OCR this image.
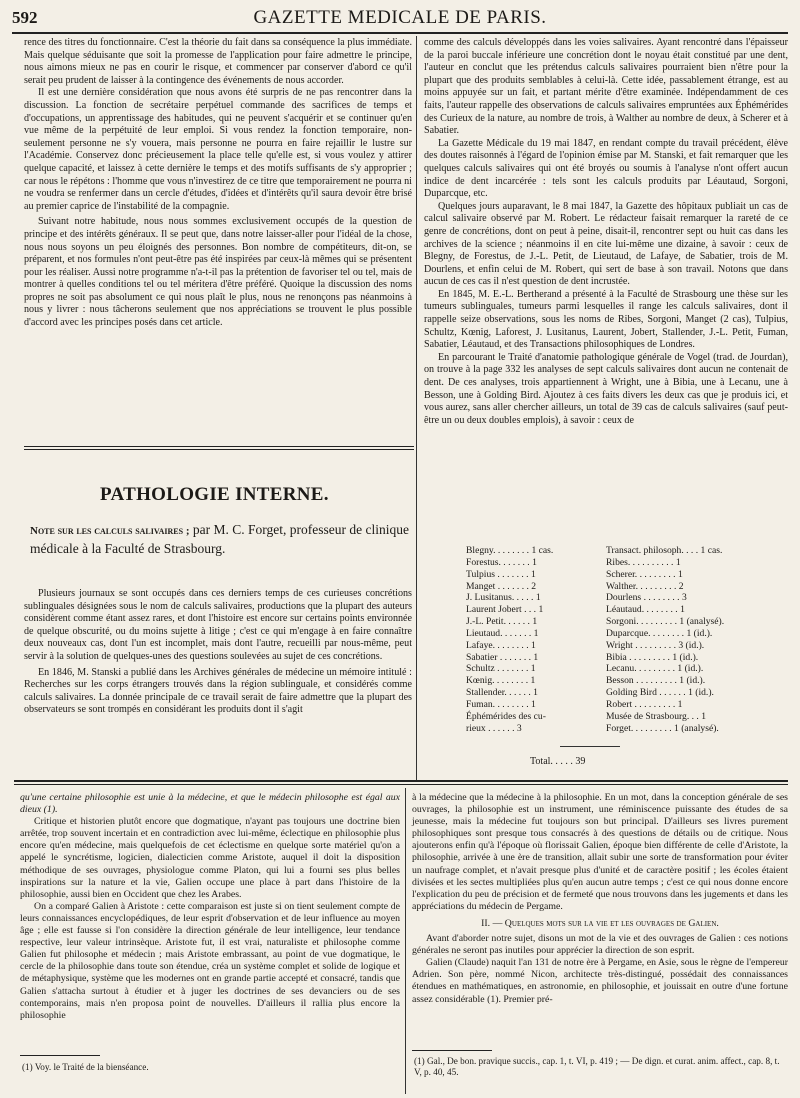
592	GAZETTE MEDICALE DE PARIS.

rence des titres du fonctionnaire. C'est la théorie du fait dans sa conséquence la plus immédiate. Mais quelque séduisante que soit la promesse de l'application pour faire admettre le principe, nous aimons mieux ne pas en courir le risque, et commencer par conserver d'abord ce qu'il serait peu prudent de laisser à la contingence des événements de nous accorder.

Il est une dernière considération que nous avons été surpris de ne pas rencontrer dans la discussion. La fonction de secrétaire perpétuel commande des sacrifices de temps et d'occupations, un apprentissage des habitudes, qui ne peuvent s'acquérir et se continuer qu'en vue même de la perpétuité de leur emploi. Si vous rendez la fonction temporaire, non-seulement personne ne s'y vouera, mais personne ne pourra en faire rejaillir le lustre sur l'Académie. Conservez donc précieusement la place telle qu'elle est, si vous voulez y attirer quelque capacité, et laissez à cette dernière le temps et des motifs suffisants de s'y approprier ; car nous le répétons : l'homme que vous n'investirez de ce titre que temporairement ne pourra ni ne voudra se renfermer dans un cercle d'études, d'idées et d'intérêts qu'il saura devoir être brisé au premier caprice de l'instabilité de la compagnie.

Suivant notre habitude, nous nous sommes exclusivement occupés de la question de principe et des intérêts généraux. Il se peut que, dans notre laisser-aller pour l'idéal de la chose, nous nous soyons un peu éloignés des personnes. Bon nombre de compétiteurs, dit-on, se préparent, et nos formules n'ont peut-être pas été inspirées par ceux-là mêmes qui se présentent pour les réaliser. Aussi notre programme n'a-t-il pas la prétention de favoriser tel ou tel, mais de montrer à quelles conditions tel ou tel méritera d'être préféré. Quoique la discussion des noms propres ne soit pas absolument ce qui nous plaît le plus, nous ne renonçons pas néanmoins à nous y livrer : nous tâcherons seulement que nos appréciations se trouvent le plus possible d'accord avec les principes posés dans cet article.

PATHOLOGIE INTERNE.
Note sur les calculs salivaires ; par M. C. Forget, professeur de clinique médicale à la Faculté de Strasbourg.

Plusieurs journaux se sont occupés dans ces derniers temps de ces curieuses concrétions sublinguales désignées sous le nom de calculs salivaires, productions que la plupart des auteurs considèrent comme étant assez rares, et dont l'histoire est encore sur certains points environnée de quelque obscurité, ou du moins sujette à litige ; c'est ce qui m'engage à en faire connaître deux nouveaux cas, dont l'un est incomplet, mais dont l'autre, recueilli par nous-même, peut servir à la solution de quelques-unes des questions soulevées au sujet de ces concrétions.

En 1846, M. Stanski a publié dans les Archives générales de médecine un mémoire intitulé : Recherches sur les corps étrangers trouvés dans la région sublinguale, et considérés comme calculs salivaires. La donnée principale de ce travail serait de faire admettre que la plupart des observateurs se sont trompés en considérant les produits dont il s'agit

comme des calculs développés dans les voies salivaires. Ayant rencontré dans l'épaisseur de la paroi buccale inférieure une concrétion dont le noyau était constitué par une dent, l'auteur en conclut que les prétendus calculs salivaires pourraient bien n'être pour la plupart que des produits semblables à celui-là. Cette idée, passablement étrange, est au moins appuyée sur un fait, et partant mérite d'être examinée. Indépendamment de ces faits, l'auteur rappelle des observations de calculs salivaires empruntées aux Éphémérides des Curieux de la nature, au nombre de trois, à Walther au nombre de deux, à Scherer et à Sabatier.

La Gazette Médicale du 19 mai 1847, en rendant compte du travail précédent, élève des doutes raisonnés à l'égard de l'opinion émise par M. Stanski, et fait remarquer que les quelques calculs salivaires qui ont été broyés ou soumis à l'analyse n'ont offert aucun indice de dent incarcérée : tels sont les calculs produits par Léautaud, Sorgoni, Duparcque, etc.

Quelques jours auparavant, le 8 mai 1847, la Gazette des hôpitaux publiait un cas de calcul salivaire observé par M. Robert. Le rédacteur faisait remarquer la rareté de ce genre de concrétions, dont on peut à peine, disait-il, rencontrer sept ou huit cas dans les archives de la science ; néanmoins il en cite lui-même une dizaine, à savoir : ceux de Blegny, de Forestus, de J.-L. Petit, de Lieutaud, de Lafaye, de Sabatier, trois de M. Dourlens, et enfin celui de M. Robert, qui sert de base à son travail. Notons que dans aucun de ces cas il n'est question de dent incrustée.

En 1845, M. E.-L. Bertherand a présenté à la Faculté de Strasbourg une thèse sur les tumeurs sublinguales, tumeurs parmi lesquelles il range les calculs salivaires, dont il rappelle seize observations, sous les noms de Ribes, Sorgoni, Manget (2 cas), Tulpius, Schultz, Kœnig, Laforest, J. Lusitanus, Laurent, Jobert, Stallender, J.-L. Petit, Fuman, Sabatier, Léautaud, et des Transactions philosophiques de Londres.

En parcourant le Traité d'anatomie pathologique générale de Vogel (trad. de Jourdan), on trouve à la page 332 les analyses de sept calculs salivaires dont aucun ne contenait de dent. De ces analyses, trois appartiennent à Wright, une à Bibia, une à Lecanu, une à Besson, une à Golding Bird. Ajoutez à ces faits divers les deux cas que je produis ici, et vous aurez, sans aller chercher ailleurs, un total de 39 cas de calculs salivaires (sauf peut-être un ou deux doubles emplois), à savoir : ceux de

Blegny. . . . . . . . 1 cas.	Transact. philosoph. . . . 1 cas.
Forestus. . . . . . . 1	Ribes. . . . . . . . . . 1
Tulpius . . . . . . . 1	Scherer. . . . . . . . . 1
Manget . . . . . . . 2	Walther. . . . . . . . . 2
J. Lusitanus. . . . . 1	Dourlens . . . . . . . . 3
Laurent Jobert . . . 1	Léautaud. . . . . . . . 1
J.-L. Petit. . . . . . 1	Sorgoni. . . . . . . . . 1 (analysé).
Lieutaud. . . . . . . 1	Duparcque. . . . . . . . 1 (id.).
Lafaye. . . . . . . . 1	Wright . . . . . . . . . 3 (id.).
Sabatier . . . . . . . 1	Bibia . . . . . . . . . 1 (id.).
Schultz . . . . . . . 1	Lecanu. . . . . . . . . 1 (id.).
Kœnig. . . . . . . . 1	Besson . . . . . . . . . 1 (id.).
Stallender. . . . . . 1	Golding Bird . . . . . . 1 (id.).
Fuman. . . . . . . . 1	Robert . . . . . . . . . 1
Éphémérides des cu-	Musée de Strasbourg. . . 1
rieux . . . . . . 3	Forget. . . . . . . . . 1 (analysé).
Total. . . . . 39

qu'une certaine philosophie est unie à la médecine, et que le médecin philosophe est égal aux dieux (1).

Critique et historien plutôt encore que dogmatique, n'ayant pas toujours une doctrine bien arrêtée, trop souvent incertain et en contradiction avec lui-même, éclectique en philosophie plus encore qu'en médecine, mais quelquefois de cet éclectisme en quelque sorte matériel qu'on a appelé le syncrétisme, logicien, dialecticien comme Aristote, auquel il doit la disposition méthodique de ses ouvrages, physiologue comme Platon, qui lui a fourni ses plus belles inspirations sur la nature et la vie, Galien occupe une place à part dans l'histoire de la philosophie, aussi bien en Occident que chez les Arabes.

On a comparé Galien à Aristote : cette comparaison est juste si on tient seulement compte de leurs connaissances encyclopédiques, de leur esprit d'observation et de leur influence au moyen âge ; elle est fausse si l'on considère la direction générale de leur intelligence, leur tendance respective, leur valeur intrinsèque. Aristote fut, il est vrai, naturaliste et philosophe comme Galien fut philosophe et médecin ; mais Aristote embrassant, au point de vue dogmatique, le cercle de la philosophie dans toute son étendue, créa un système complet et solide de logique et de métaphysique, système que les modernes ont en grande partie accepté et consacré, tandis que Galien s'attacha surtout à étudier et à juger les doctrines de ses devanciers ou de ses contemporains, mais n'en proposa point de nouvelles. D'ailleurs il rallia plus encore la philosophie

à la médecine que la médecine à la philosophie. En un mot, dans la conception générale de ses ouvrages, la philosophie est un instrument, une réminiscence puissante des études de sa jeunesse, mais la médecine fut toujours son but principal. D'ailleurs ses livres purement philosophiques sont presque tous consacrés à des questions de détails ou de critique. Nous ajouterons enfin qu'à l'époque où florissait Galien, époque bien différente de celle d'Aristote, la philosophie, arrivée à une ère de transition, allait subir une sorte de transformation pour éviter un naufrage complet, et n'avait presque plus d'unité et de caractère positif ; les écoles étaient divisées et les sectes multipliées plus qu'en aucun autre temps ; c'est ce qui nous donne encore l'explication du peu de précision et de fermeté que nous trouvons dans les jugements et dans les appréciations du médecin de Pergame.

II. — Quelques mots sur la vie et les ouvrages de Galien.

Avant d'aborder notre sujet, disons un mot de la vie et des ouvrages de Galien : ces notions générales ne seront pas inutiles pour apprécier la direction de son esprit.

Galien (Claude) naquit l'an 131 de notre ère à Pergame, en Asie, sous le règne de l'empereur Adrien. Son père, nommé Nicon, architecte très-distingué, possédait des connaissances étendues en mathématiques, en astronomie, en philosophie, et jouissait en outre d'une fortune assez considérable (1). Premier pré-

(1) Voy. le Traité de la bienséance.
(1) Gal., De bon. pravique succis., cap. 1, t. VI, p. 419 ; — De dign. et curat. anim. affect., cap. 8, t. V, p. 40, 45.
